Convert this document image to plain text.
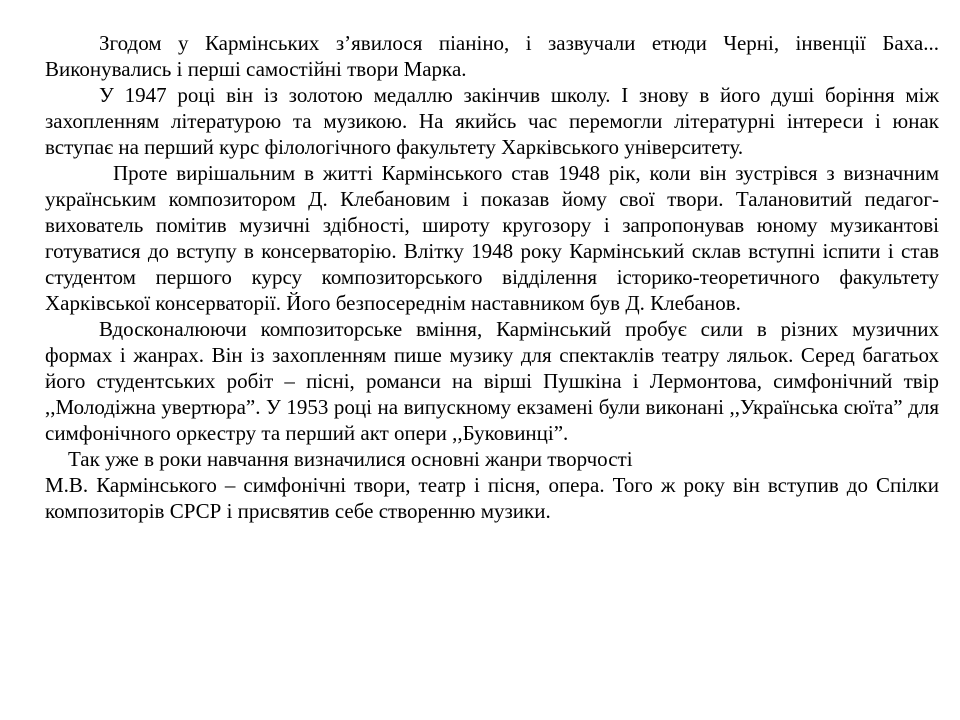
Згодом у Кармінських з’явилося піаніно, і зазвучали етюди Черні, інвенції Баха... Виконувались і перші самостійні твори Марка.

У 1947 році він із золотою медаллю закінчив школу. І знову в його душі боріння між захопленням літературою та музикою. На якийсь час перемогли літературні інтереси і юнак вступає на перший курс філологічного факультету Харківського університету.

Проте вирішальним в житті Кармінського став 1948 рік, коли він зустрівся з визначним українським композитором Д. Клебановим і показав йому свої твори. Талановитий педагог-вихователь помітив музичні здібності, широту кругозору і запропонував юному музикантові готуватися до вступу в консерваторію. Влітку 1948 року Кармінський склав вступні іспити і став студентом першого курсу композиторського відділення історико-теоретичного факультету Харківської консерваторії. Його безпосереднім наставником був Д. Клебанов.

Вдосконалюючи композиторське вміння, Кармінський пробує сили в різних музичних формах і жанрах. Він із захопленням пише музику для спектаклів театру ляльок. Серед багатьох його студентських робіт – пісні, романси на вірші Пушкіна і Лермонтова, симфонічний твір ,,Молодіжна увертюра”. У 1953 році на випускному екзамені були виконані ,,Українська сюїта” для симфонічного оркестру та перший акт опери ,,Буковинці”.

Так уже в роки навчання визначилися основні жанри творчості

М.В. Кармінського – симфонічні твори, театр і пісня, опера. Того ж року він вступив до Спілки композиторів СРСР і присвятив себе створенню музики.
